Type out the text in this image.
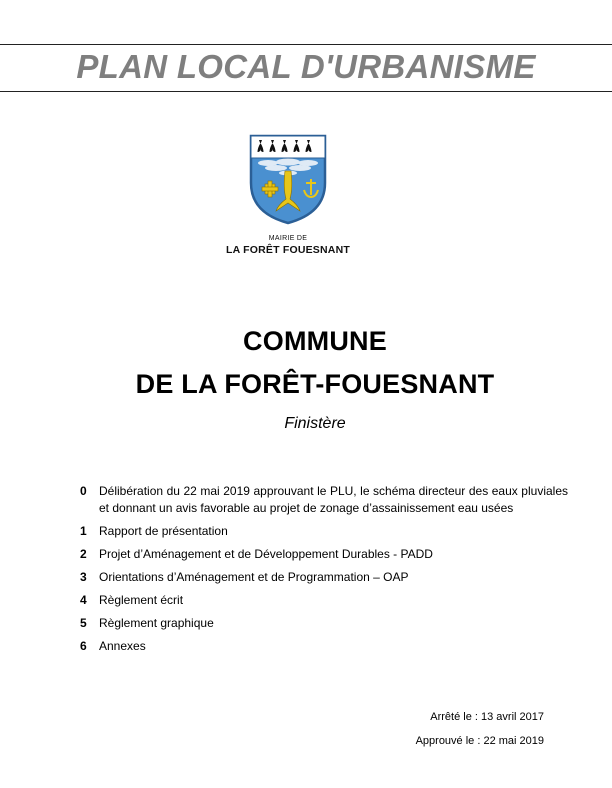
PLAN LOCAL D'URBANISME
MAIRIE DE
LA FORÊT FOUESNANT
COMMUNE
DE LA FORÊT-FOUESNANT
Finistère
0	Délibération du 22 mai 2019 approuvant le PLU, le schéma directeur des eaux pluviales et donnant un avis favorable au projet de zonage d’assainissement eau usées
1	Rapport de présentation
2	Projet d’Aménagement et de Développement Durables - PADD
3	Orientations d’Aménagement et de Programmation – OAP
4	Règlement écrit
5	Règlement graphique
6	Annexes
Arrêté le : 13 avril 2017
Approuvé le : 22 mai 2019
